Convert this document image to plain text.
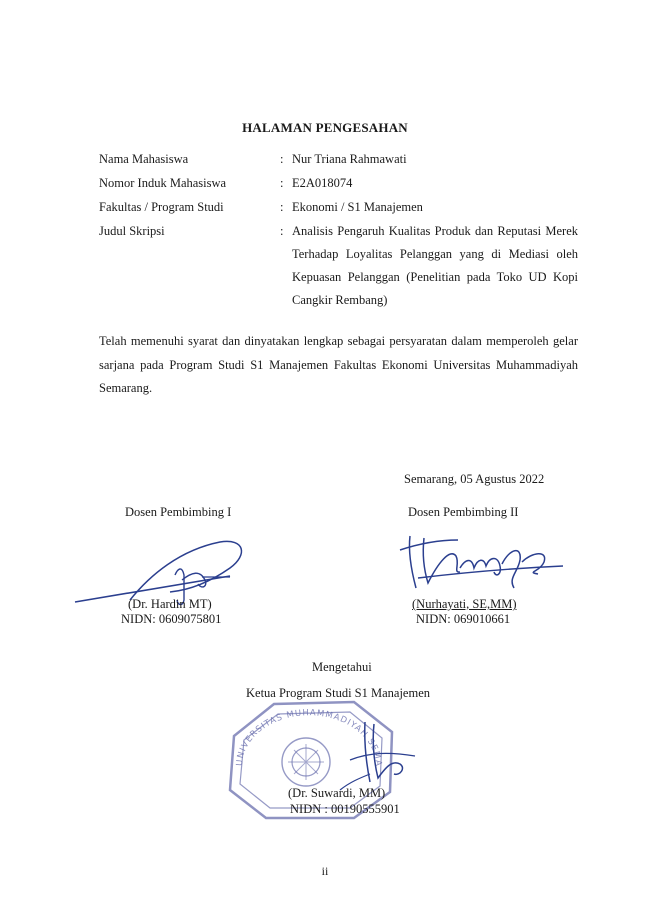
HALAMAN PENGESAHAN
Nama Mahasiswa	: Nur Triana Rahmawati
Nomor Induk Mahasiswa	: E2A018074
Fakultas / Program Studi	: Ekonomi / S1 Manajemen
Judul Skripsi	: Analisis Pengaruh Kualitas Produk dan Reputasi Merek Terhadap Loyalitas Pelanggan yang di Mediasi oleh Kepuasan Pelanggan (Penelitian pada Toko UD Kopi Cangkir Rembang)
Telah memenuhi syarat dan dinyatakan lengkap sebagai persyaratan dalam memperoleh gelar sarjana pada Program Studi S1 Manajemen Fakultas Ekonomi Universitas Muhammadiyah Semarang.
Semarang, 05 Agustus 2022
Dosen Pembimbing I
(Dr. Hardin MT)
NIDN: 0609075801
Dosen Pembimbing II
(Nurhayati, SE,MM)
NIDN: 069010661
Mengetahui
Ketua Program Studi S1 Manajemen
UNIVERSITAS MUHAMMADIYAH SEMARANG
(Dr. Suwardi, MM)
NIDN : 00190555901
ii
